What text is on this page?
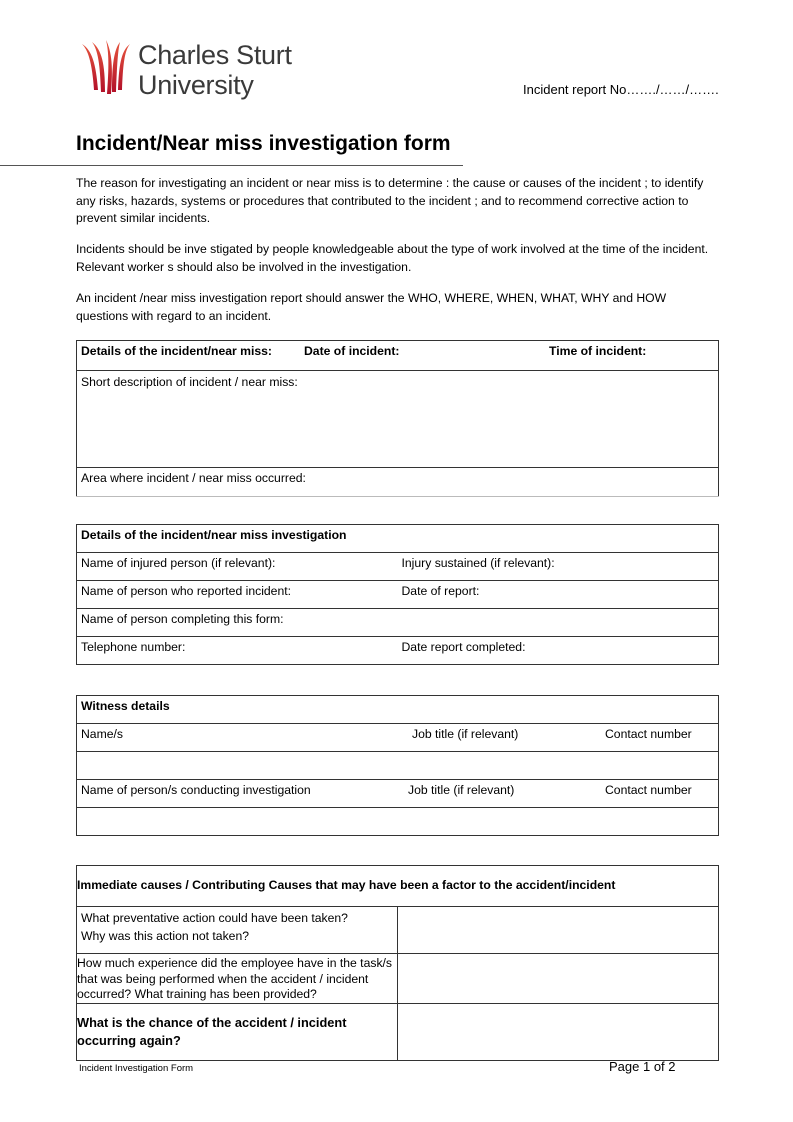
Charles Sturt
University	Incident report No……./……/…….
Incident/Near miss investigation form
The reason for investigating an incident or near miss is to determine : the cause or causes of the incident ; to identify any risks, hazards, systems or procedures that contributed to the incident ; and to recommend corrective action to prevent similar incidents.
Incidents should be inve stigated by people knowledgeable about the type of work involved at the time of the incident. Relevant worker s should also be involved in the investigation.
An incident /near miss investigation report should answer the WHO, WHERE, WHEN, WHAT, WHY and HOW questions with regard to an incident.
Details of the incident/near miss:	Date of incident:	Time of incident:

Short description of incident / near miss:
Area where incident / near miss occurred:
Details of the incident/near miss investigation	
Name of injured person (if relevant):	Injury sustained (if relevant):
Name of person who reported incident:	Date of report:
Name of person completing this form:	
Telephone number:	Date report completed:
Witness details

Name/s	Job title (if relevant)	Contact number

Name of person/s conducting investigation	Job title (if relevant)	Contact number

Immediate causes / Contributing Causes that may have been a factor to the accident/incident	

What preventative action could have been taken?
Why was this action not taken?	

How much experience did the employee have in the task/s that was being performed when the accident / incident occurred? What training has been provided?	
What is the chance of the accident / incident occurring again?	
Incident Investigation Form	Page 1 of 2
